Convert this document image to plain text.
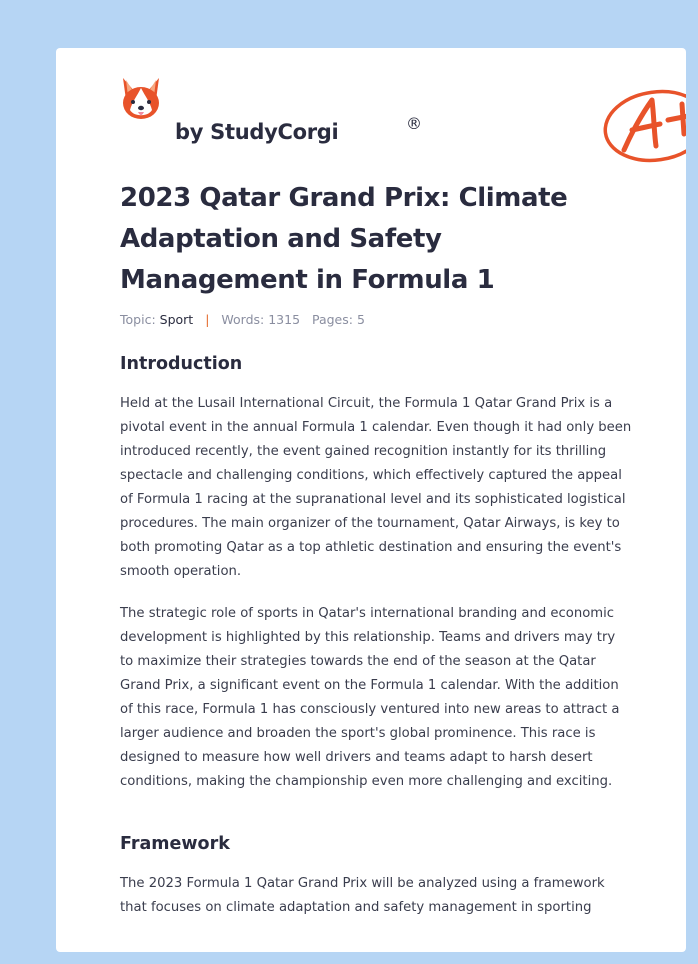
by StudyCorgi	®
2023 Qatar Grand Prix: Climate Adaptation and Safety Management in Formula 1
Topic: Sport | Words: 1315 Pages: 5
Introduction

Held at the Lusail International Circuit, the Formula 1 Qatar Grand Prix is a pivotal event in the annual Formula 1 calendar. Even though it had only been introduced recently, the event gained recognition instantly for its thrilling spectacle and challenging conditions, which effectively captured the appeal of Formula 1 racing at the supranational level and its sophisticated logistical procedures. The main organizer of the tournament, Qatar Airways, is key to both promoting Qatar as a top athletic destination and ensuring the event's smooth operation.

The strategic role of sports in Qatar's international branding and economic development is highlighted by this relationship. Teams and drivers may try to maximize their strategies towards the end of the season at the Qatar Grand Prix, a significant event on the Formula 1 calendar. With the addition of this race, Formula 1 has consciously ventured into new areas to attract a larger audience and broaden the sport's global prominence. This race is designed to measure how well drivers and teams adapt to harsh desert conditions, making the championship even more challenging and exciting.

Framework

The 2023 Formula 1 Qatar Grand Prix will be analyzed using a framework that focuses on climate adaptation and safety management in sporting
